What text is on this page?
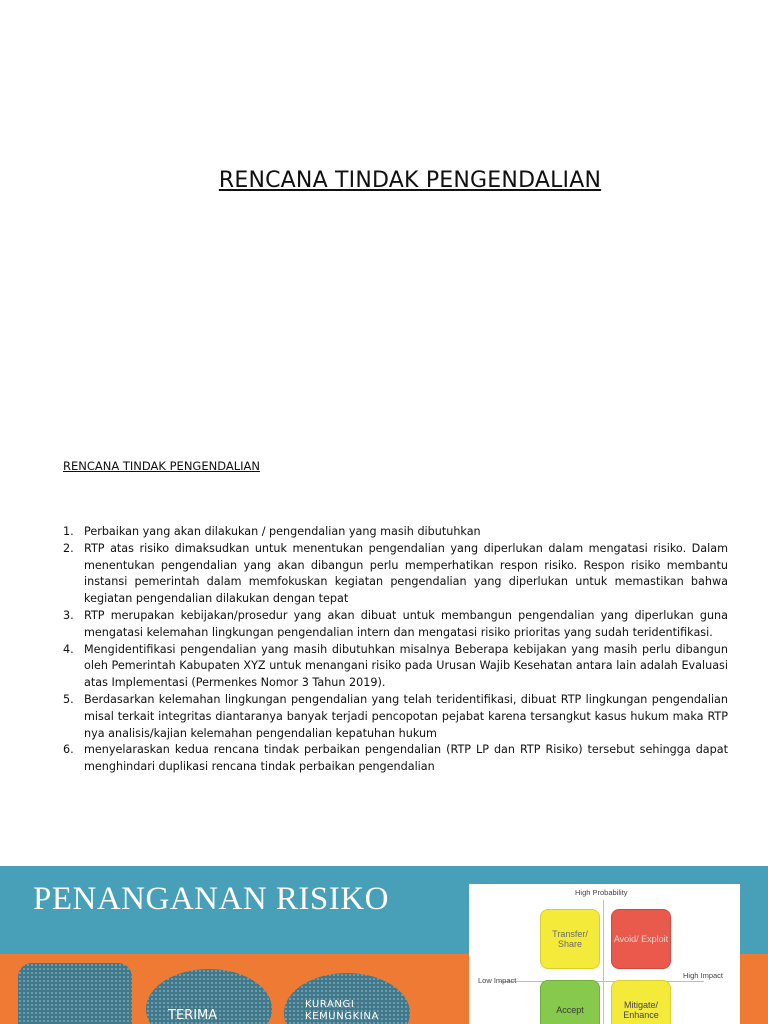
RENCANA TINDAK PENGENDALIAN
RENCANA TINDAK PENGENDALIAN
1. Perbaikan yang akan dilakukan / pengendalian yang masih dibutuhkan
2. RTP atas risiko dimaksudkan untuk menentukan pengendalian yang diperlukan dalam mengatasi risiko. Dalam menentukan pengendalian yang akan dibangun perlu memperhatikan respon risiko. Respon risiko membantu instansi pemerintah dalam memfokuskan kegiatan pengendalian yang diperlukan untuk memastikan bahwa kegiatan pengendalian dilakukan dengan tepat
3. RTP merupakan kebijakan/prosedur yang akan dibuat untuk membangun pengendalian yang diperlukan guna mengatasi kelemahan lingkungan pengendalian intern dan mengatasi risiko prioritas yang sudah teridentifikasi.
4. Mengidentifikasi pengendalian yang masih dibutuhkan misalnya Beberapa kebijakan yang masih perlu dibangun oleh Pemerintah Kabupaten XYZ untuk menangani risiko pada Urusan Wajib Kesehatan antara lain adalah Evaluasi atas Implementasi (Permenkes Nomor 3 Tahun 2019).
5. Berdasarkan kelemahan lingkungan pengendalian yang telah teridentifikasi, dibuat RTP lingkungan pengendalian misal terkait integritas diantaranya banyak terjadi pencopotan pejabat karena tersangkut kasus hukum maka RTP nya analisis/kajian kelemahan pengendalian kepatuhan hukum
6. menyelaraskan kedua rencana tindak perbaikan pengendalian (RTP LP dan RTP Risiko) tersebut sehingga dapat menghindari duplikasi rencana tindak perbaikan pengendalian
PENANGANAN RISIKO
TERIMA
KURANGI
KEMUNGKINA
High Probability
Low Impact
High Impact
Transfer/ Share	Avoid/ Exploit
Accept	Mitigate/ Enhance
